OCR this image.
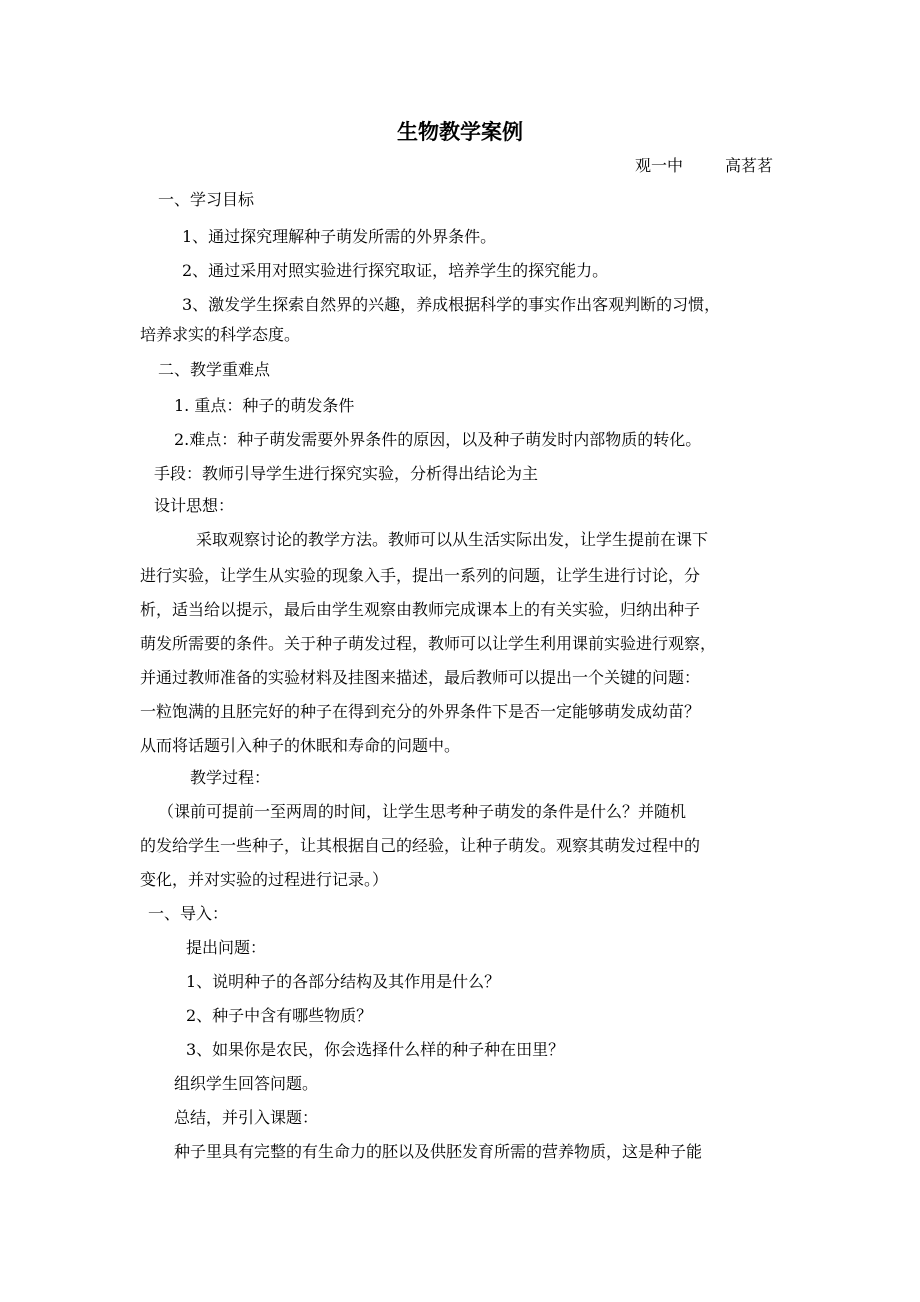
生物教学案例
观一中	高茗茗
一、学习目标
1、通过探究理解种子萌发所需的外界条件。
2、通过采用对照实验进行探究取证，培养学生的探究能力。
3、激发学生探索自然界的兴趣，养成根据科学的事实作出客观判断的习惯，
培养求实的科学态度。
二、教学重难点
1. 重点：种子的萌发条件
2.难点：种子萌发需要外界条件的原因，以及种子萌发时内部物质的转化。
手段：教师引导学生进行探究实验，分析得出结论为主
设计思想：
采取观察讨论的教学方法。教师可以从生活实际出发，让学生提前在课下
进行实验，让学生从实验的现象入手，提出一系列的问题，让学生进行讨论，分
析，适当给以提示，最后由学生观察由教师完成课本上的有关实验，归纳出种子
萌发所需要的条件。关于种子萌发过程，教师可以让学生利用课前实验进行观察，
并通过教师准备的实验材料及挂图来描述，最后教师可以提出一个关键的问题：
一粒饱满的且胚完好的种子在得到充分的外界条件下是否一定能够萌发成幼苗？
从而将话题引入种子的休眠和寿命的问题中。
教学过程：
（课前可提前一至两周的时间，让学生思考种子萌发的条件是什么？并随机
的发给学生一些种子，让其根据自己的经验，让种子萌发。观察其萌发过程中的
变化，并对实验的过程进行记录。）
一、导入：
提出问题：
1、说明种子的各部分结构及其作用是什么？
2、种子中含有哪些物质？
3、如果你是农民，你会选择什么样的种子种在田里？
组织学生回答问题。
总结，并引入课题：
种子里具有完整的有生命力的胚以及供胚发育所需的营养物质，这是种子能
